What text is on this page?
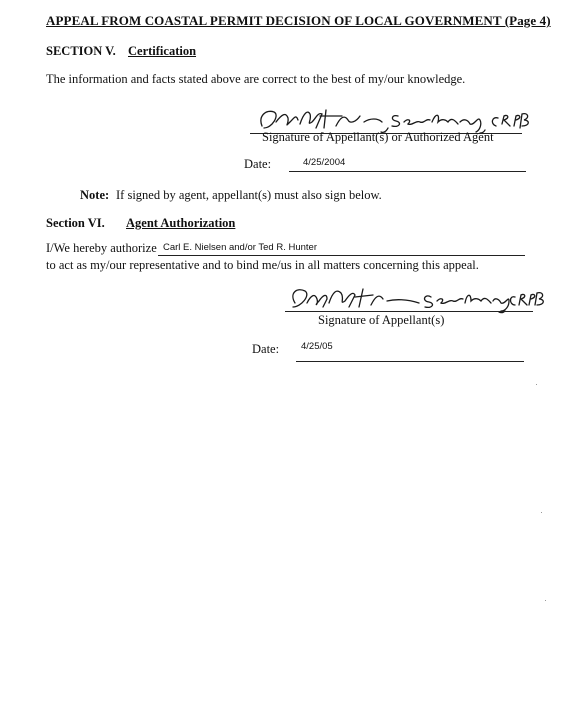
APPEAL FROM COASTAL PERMIT DECISION OF LOCAL GOVERNMENT (Page 4)
SECTION V. Certification
The information and facts stated above are correct to the best of my/our knowledge.
Signature of Appellant(s) or Authorized Agent
Date:	4/25/2004
Note: If signed by agent, appellant(s) must also sign below.
Section VI. Agent Authorization
I/We hereby authorize Carl E. Nielsen and/or Ted R. Hunter
to act as my/our representative and to bind me/us in all matters concerning this appeal.
Signature of Appellant(s)
Date: 4/25/05
